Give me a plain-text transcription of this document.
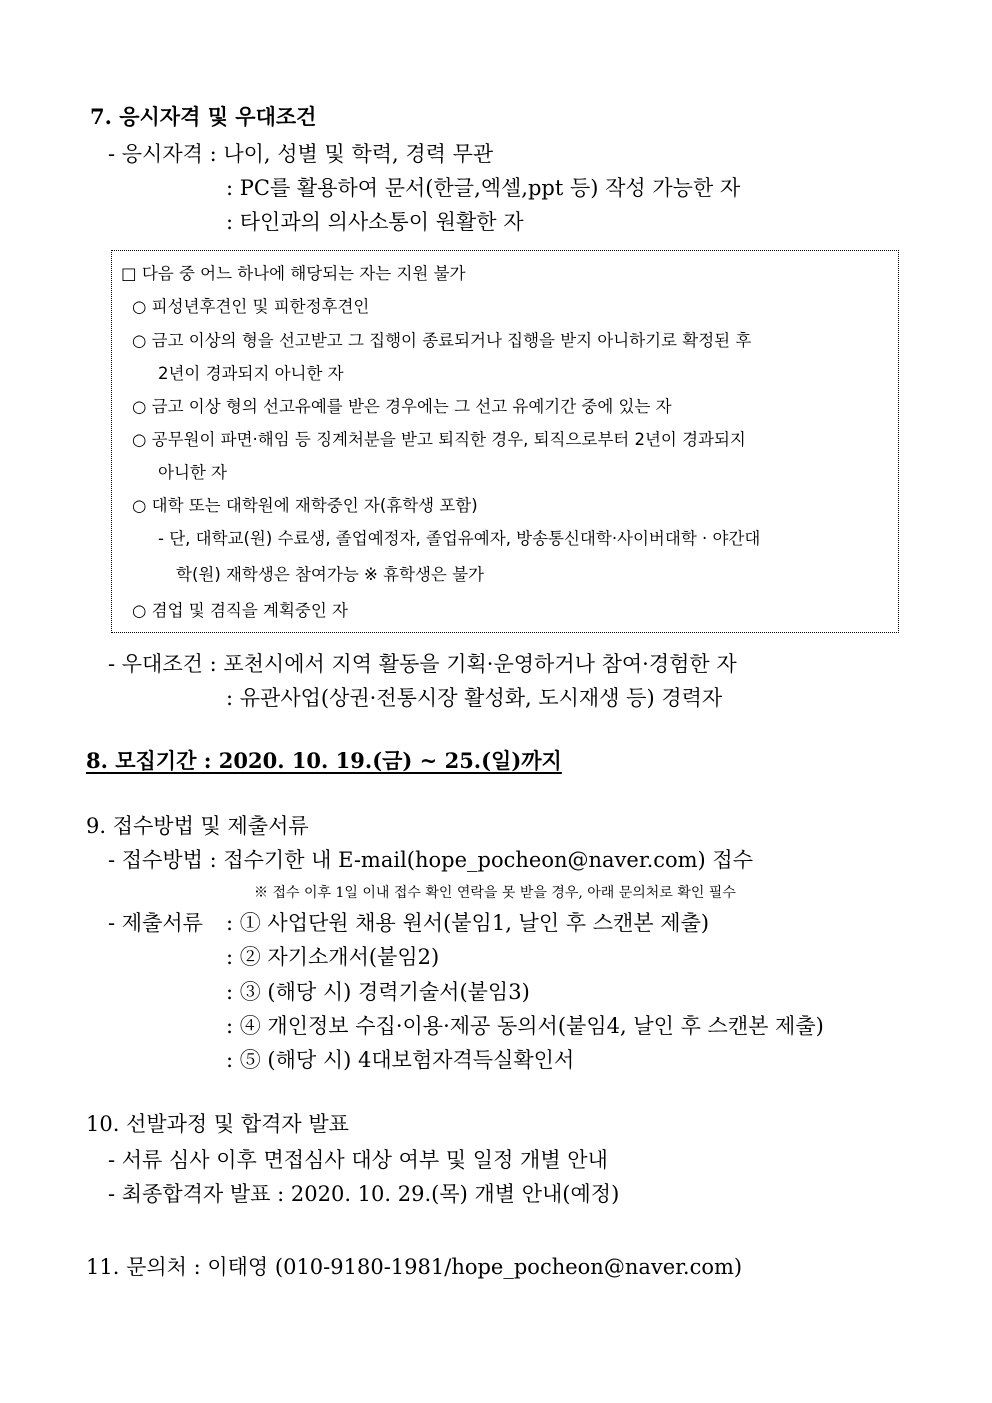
7. 응시자격 및 우대조건
- 응시자격 : 나이, 성별 및 학력, 경력 무관
: PC를 활용하여 문서(한글,엑셀,ppt 등) 작성 가능한 자
: 타인과의 의사소통이 원활한 자
□ 다음 중 어느 하나에 해당되는 자는 지원 불가
○ 피성년후견인 및 피한정후견인
○ 금고 이상의 형을 선고받고 그 집행이 종료되거나 집행을 받지 아니하기로 확정된 후
2년이 경과되지 아니한 자
○ 금고 이상 형의 선고유예를 받은 경우에는 그 선고 유예기간 중에 있는 자
○ 공무원이 파면·해임 등 징계처분을 받고 퇴직한 경우, 퇴직으로부터 2년이 경과되지
아니한 자
○ 대학 또는 대학원에 재학중인 자(휴학생 포함)
- 단, 대학교(원) 수료생, 졸업예정자, 졸업유예자, 방송통신대학·사이버대학 · 야간대
학(원) 재학생은 참여가능 ※ 휴학생은 불가
○ 겸업 및 겸직을 계획중인 자
- 우대조건 : 포천시에서 지역 활동을 기획·운영하거나 참여·경험한 자
: 유관사업(상권·전통시장 활성화, 도시재생 등) 경력자
8. 모집기간 : 2020. 10. 19.(금) ~ 25.(일)까지
9. 접수방법 및 제출서류
- 접수방법 : 접수기한 내 E-mail(hope_pocheon@naver.com) 접수
※ 접수 이후 1일 이내 접수 확인 연락을 못 받을 경우, 아래 문의처로 확인 필수
- 제출서류 : ① 사업단원 채용 원서(붙임1, 날인 후 스캔본 제출)
: ② 자기소개서(붙임2)
: ③ (해당 시) 경력기술서(붙임3)
: ④ 개인정보 수집·이용·제공 동의서(붙임4, 날인 후 스캔본 제출)
: ⑤ (해당 시) 4대보험자격득실확인서
10. 선발과정 및 합격자 발표
- 서류 심사 이후 면접심사 대상 여부 및 일정 개별 안내
- 최종합격자 발표 : 2020. 10. 29.(목) 개별 안내(예정)
11. 문의처 : 이태영 (010-9180-1981/hope_pocheon@naver.com)
